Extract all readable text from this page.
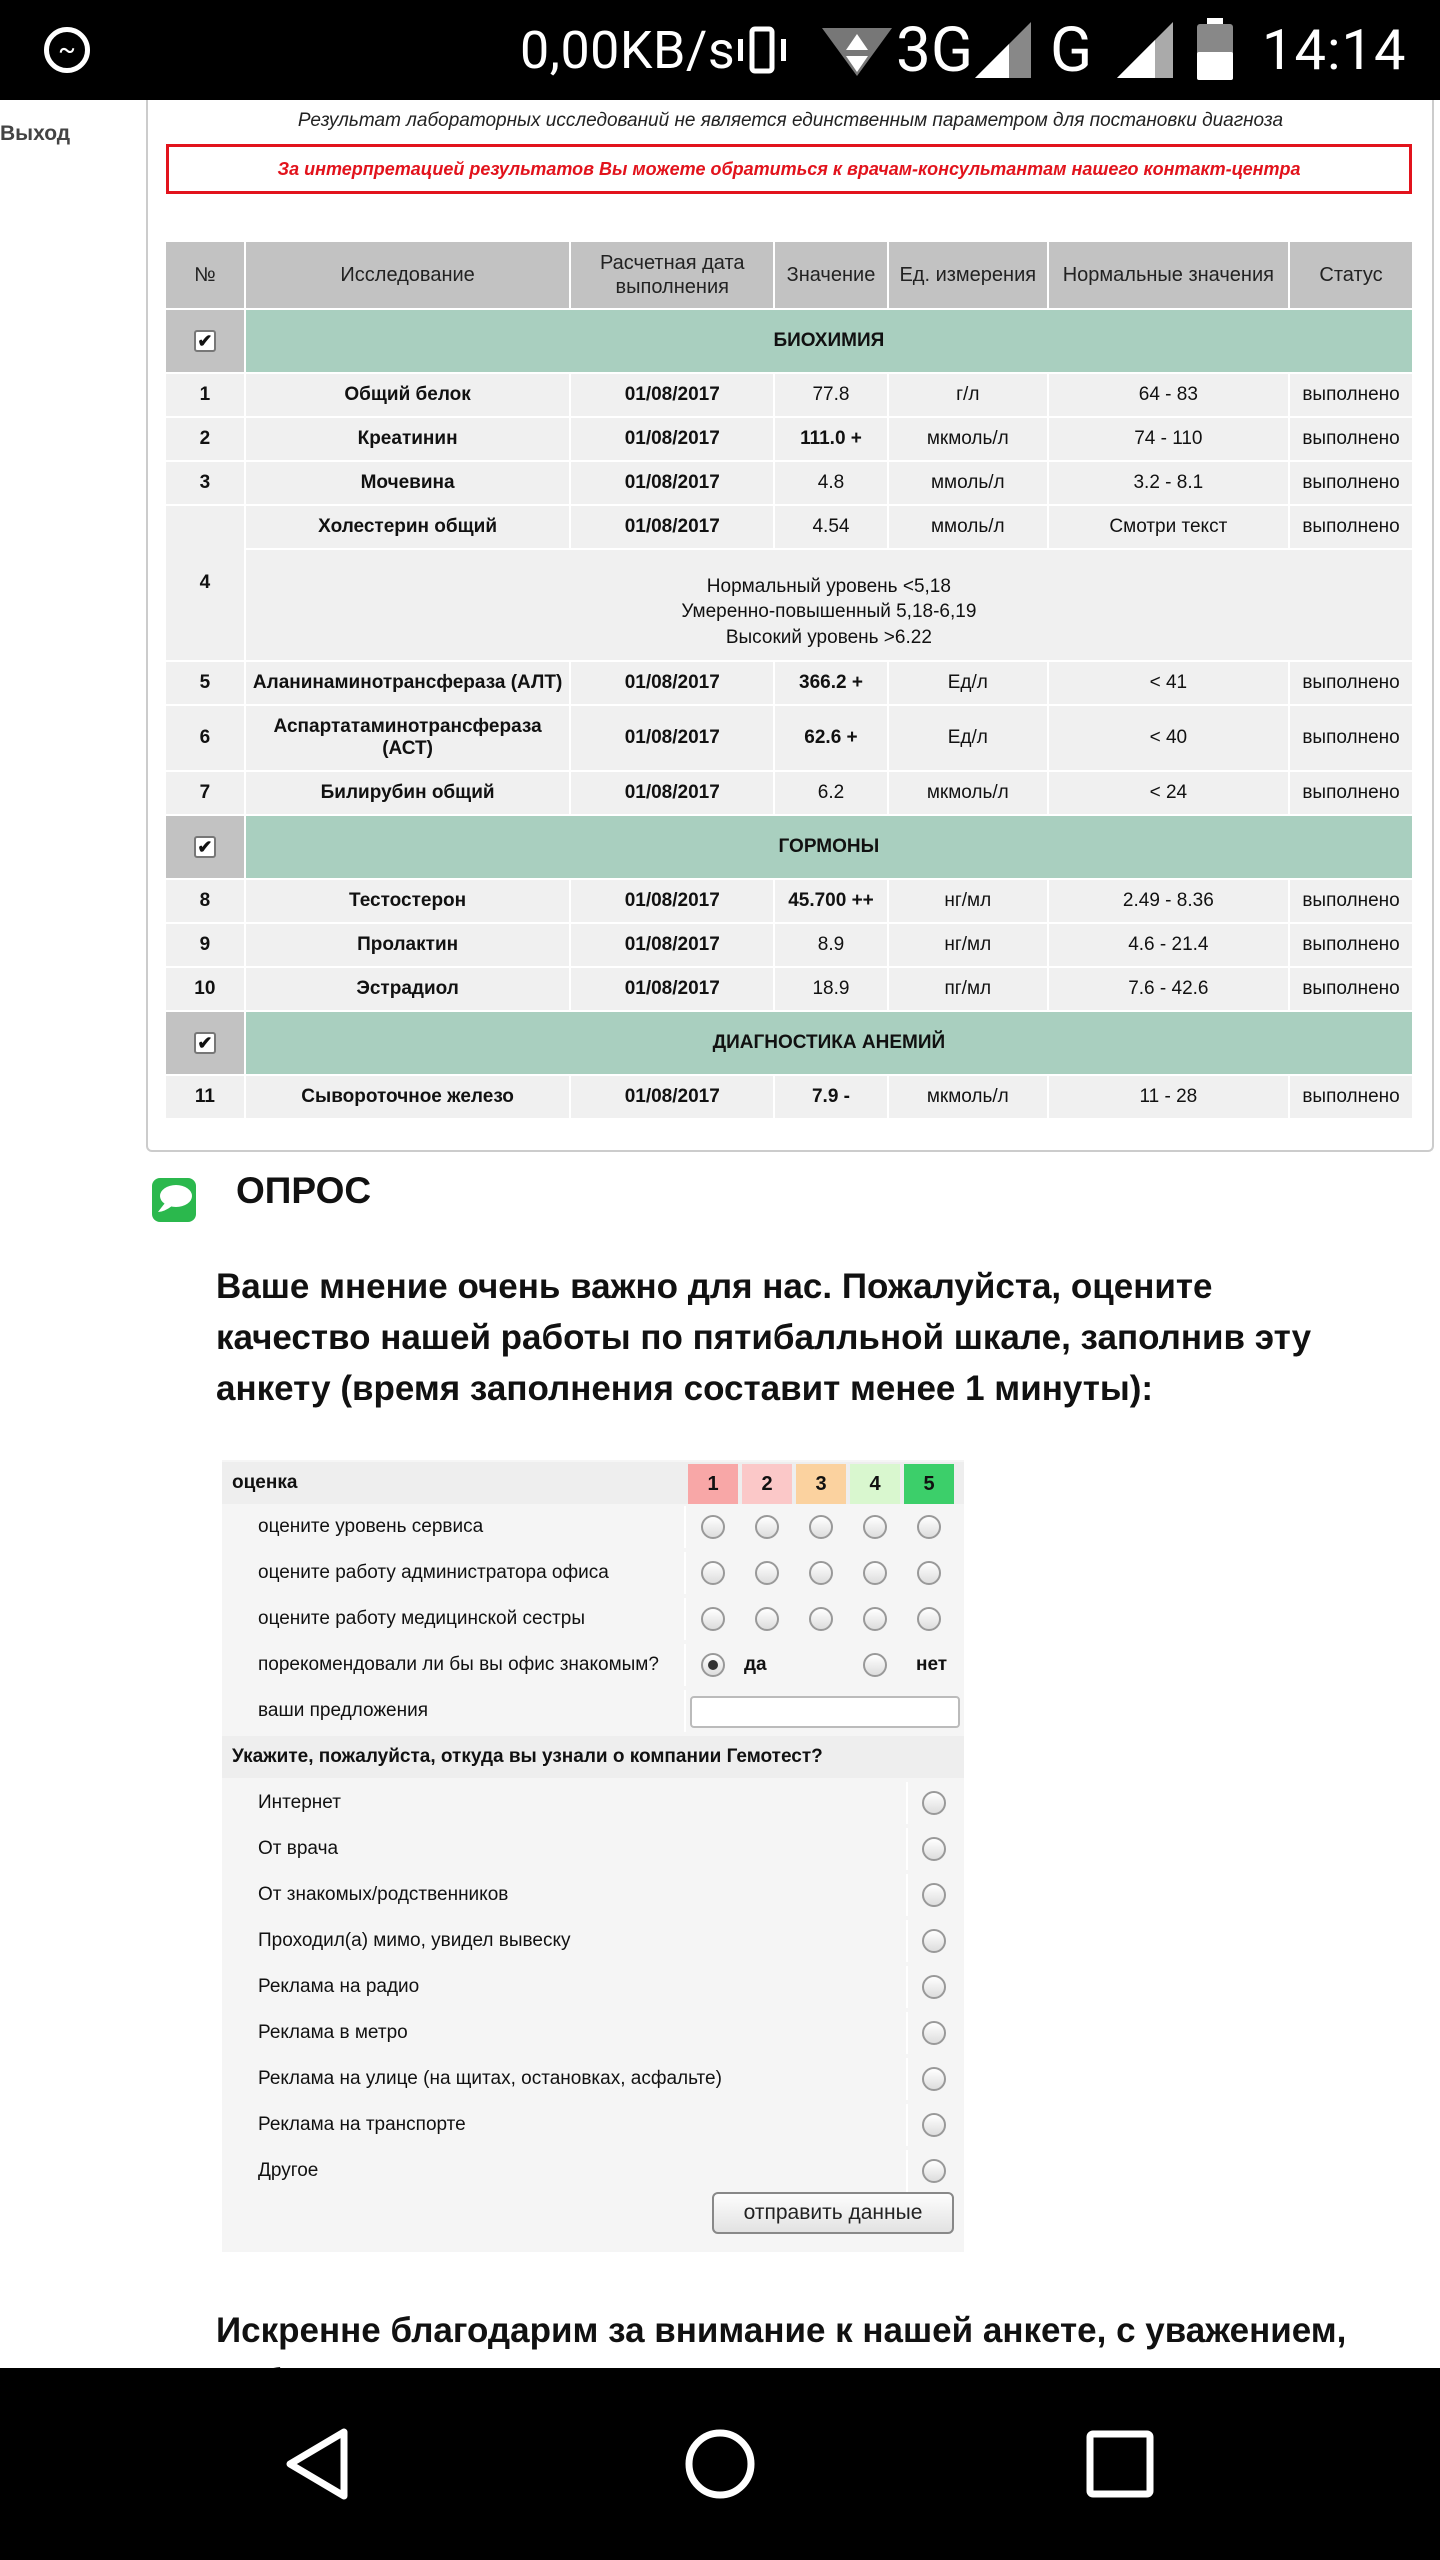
~	0,00KB/s	3G G	14:14
Выход
Результат лабораторных исследований не является единственным параметром для постановки диагноза
За интерпретацией результатов Вы можете обратиться к врачам-консультантам нашего контакт-центра
№	Исследование	Расчетная дата выполнения	Значение	Ед. измерения	Нормальные значения	Статус
✔	БИОХИМИЯ					
1	Общий белок	01/08/2017	77.8	г/л	64 - 83	выполнено
2	Креатинин	01/08/2017	111.0 +	мкмоль/л	74 - 110	выполнено
3	Мочевина	01/08/2017	4.8	ммоль/л	3.2 - 8.1	выполнено
4	Холестерин общий	01/08/2017	4.54	ммоль/л	Смотри текст	выполнено

	Нормальный уровень <5,18
Умеренно-повышенный 5,18-6,19
Высокий уровень >6.22					

5	Аланинаминотрансфераза (АЛТ)	01/08/2017	366.2 +	Ед/л	< 41	выполнено
6	Аспартатаминотрансфераза (АСТ)	01/08/2017	62.6 +	Ед/л	< 40	выполнено
7	Билирубин общий	01/08/2017	6.2	мкмоль/л	< 24	выполнено
✔	ГОРМОНЫ					
8	Тестостерон	01/08/2017	45.700 ++	нг/мл	2.49 - 8.36	выполнено
9	Пролактин	01/08/2017	8.9	нг/мл	4.6 - 21.4	выполнено
10	Эстрадиол	01/08/2017	18.9	пг/мл	7.6 - 42.6	выполнено
✔	ДИАГНОСТИКА АНЕМИЙ					
11	Сывороточное железо	01/08/2017	7.9 -	мкмоль/л	11 - 28	выполнено
ОПРОС
Ваше мнение очень важно для нас. Пожалуйста, оцените качество нашей работы по пятибалльной шкале, заполнив эту анкету (время заполнения составит менее 1 минуты):
оценка	1	2	3	4	5
оцените уровень сервиса
оцените работу администратора офиса
оцените работу медицинской сестры
порекомендовали ли бы вы офис знакомым?	да	нет
ваши предложения
Укажите, пожалуйста, откуда вы узнали о компании Гемотест?
Интернет
От врача
От знакомых/родственников
Проходил(а) мимо, увидел вывеску
Реклама на радио
Реклама в метро
Реклама на улице (на щитах, остановках, асфальте)
Реклама на транспорте
Другое
отправить данные
Искренне благодарим за внимание к нашей анкете, с уважением,
